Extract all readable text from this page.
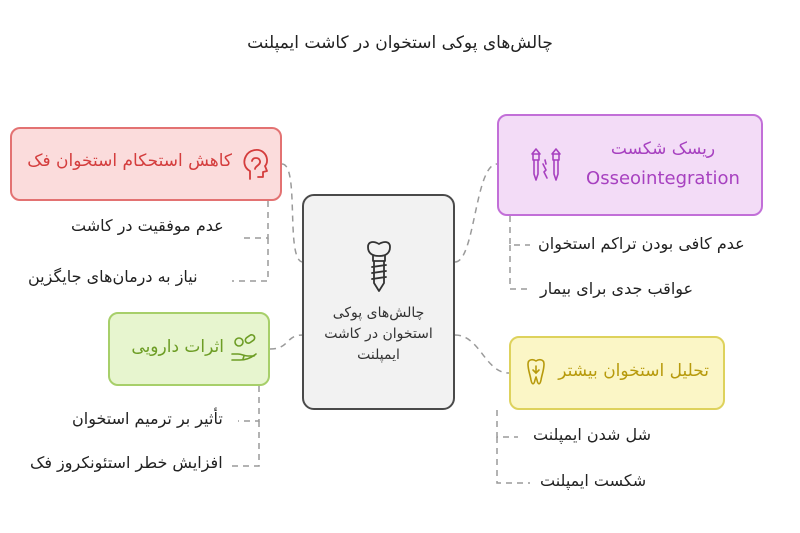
چالش‌های پوکی استخوان در کاشت ایمپلنت
چالش‌های پوکی استخوان در کاشت ایمپلنت
کاهش استحکام استخوان فک
عدم موفقیت در کاشت
نیاز به درمان‌های جایگزین
ریسک شکست
Osseointegration
عدم کافی بودن تراکم استخوان
عواقب جدی برای بیمار
اثرات دارویی
تأثیر بر ترمیم استخوان
افزایش خطر استئونکروز فک
تحلیل استخوان بیشتر
شل شدن ایمپلنت
شکست ایمپلنت
